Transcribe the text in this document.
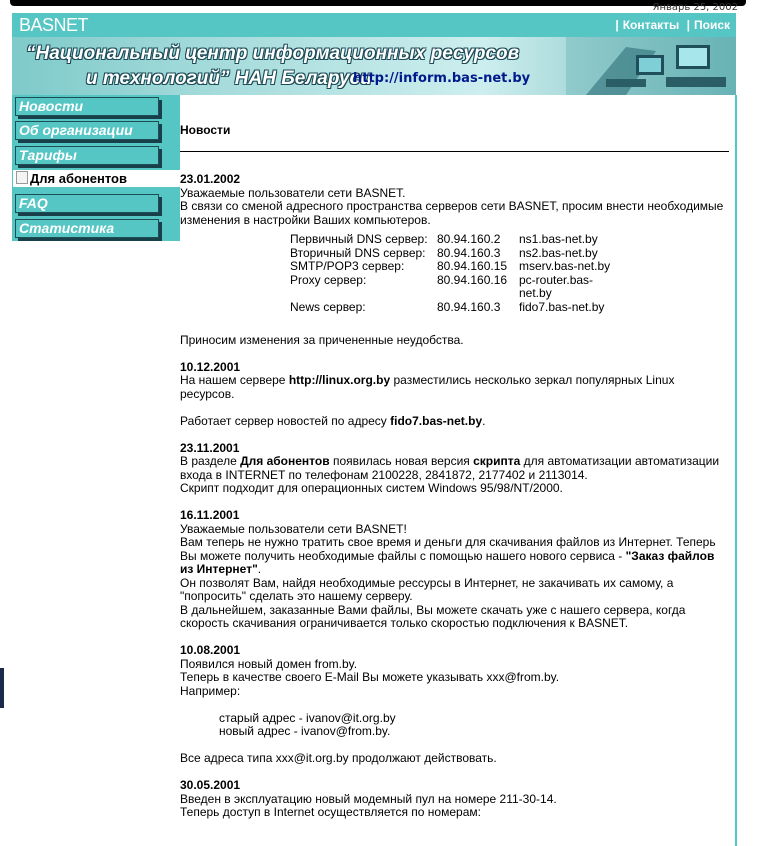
Январь 25, 2002
BASNET	| Контакты | Поиск
“Национальный центр информационных ресурсов
и технологий” НАН Беларуси
http://inform.bas-net.by
Новости
Об организации
Тарифы
Для абонентов
FAQ
Статистика
Новости
23.01.2002
Уважаемые пользователи сети BASNET.
В связи со сменой адресного пространства серверов сети BASNET, просим внести необходимые изменения в настройки Ваших компьютеров.
Первичный DNS сервер:	80.94.160.2	ns1.bas-net.by
Вторичный DNS сервер:	80.94.160.3	ns2.bas-net.by
SMTP/POP3 сервер:	80.94.160.15	mserv.bas-net.by
Proxy сервер:	80.94.160.16	pc-router.bas-net.by
News сервер:	80.94.160.3	fido7.bas-net.by
Приносим изменения за причененные неудобства.
10.12.2001
На нашем сервере http://linux.org.by разместились несколько зеркал популярных Linux ресурсов.
Работает сервер новостей по адресу fido7.bas-net.by.
23.11.2001
В разделе Для абонентов появилась новая версия скрипта для автоматизации автоматизации входа в INTERNET по телефонам 2100228, 2841872, 2177402 и 2113014.
Скрипт подходит для операционных систем Windows 95/98/NT/2000.
16.11.2001
Уважаемые пользователи сети BASNET!
Вам теперь не нужно тратить свое время и деньги для скачивания файлов из Интернет. Теперь Вы можете получить необходимые файлы с помощью нашего нового сервиса - "Заказ файлов из Интернет".
Он позволят Вам, найдя необходимые рессурсы в Интернет, не закачивать их самому, а "попросить" сделать это нашему серверу.
В дальнейшем, заказанные Вами файлы, Вы можете скачать уже с нашего сервера, когда скорость скачивания ограничивается только скоростью подключения к BASNET.
10.08.2001
Появился новый домен from.by.
Теперь в качестве своего E-Mail Вы можете указывать xxx@from.by.
Например:
старый адрес - ivanov@it.org.by
новый адрес - ivanov@from.by.
Все адреса типа xxx@it.org.by продолжают действовать.
30.05.2001
Введен в эксплуатацию новый модемный пул на номере 211-30-14.
Теперь доступ в Internet осуществляется по номерам:
